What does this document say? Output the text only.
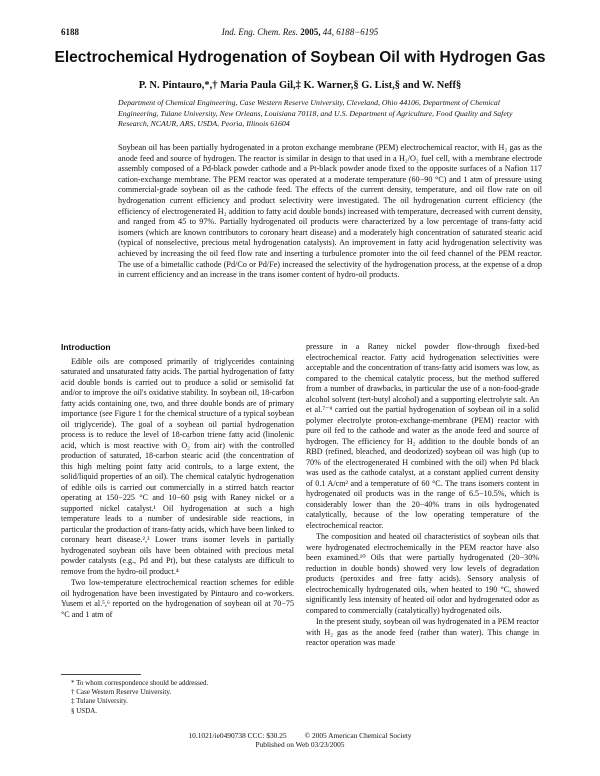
6188	Ind. Eng. Chem. Res. 2005, 44, 6188−6195
Electrochemical Hydrogenation of Soybean Oil with Hydrogen Gas
P. N. Pintauro,*,† Maria Paula Gil,‡ K. Warner,§ G. List,§ and W. Neff§
Department of Chemical Engineering, Case Western Reserve University, Cleveland, Ohio 44106, Department of Chemical Engineering, Tulane University, New Orleans, Louisiana 70118, and U.S. Department of Agriculture, Food Quality and Safety Research, NCAUR, ARS, USDA, Peoria, Illinois 61604
Soybean oil has been partially hydrogenated in a proton exchange membrane (PEM) electrochemical reactor, with H₂ gas as the anode feed and source of hydrogen. The reactor is similar in design to that used in a H₂/O₂ fuel cell, with a membrane electrode assembly composed of a Pd-black powder cathode and a Pt-black powder anode fixed to the opposite surfaces of a Nafion 117 cation-exchange membrane. The PEM reactor was operated at a moderate temperature (60−90 °C) and 1 atm of pressure using commercial-grade soybean oil as the cathode feed. The effects of the current density, temperature, and oil flow rate on oil hydrogenation current efficiency and product selectivity were investigated. The oil hydrogenation current efficiency (the efficiency of electrogenerated H₂ addition to fatty acid double bonds) increased with temperature, decreased with current density, and ranged from 45 to 97%. Partially hydrogenated oil products were characterized by a low percentage of trans-fatty acid isomers (which are known contributors to coronary heart disease) and a moderately high concentration of saturated stearic acid (typical of nonselective, precious metal hydrogenation catalysts). An improvement in fatty acid hydrogenation selectivity was achieved by increasing the oil feed flow rate and inserting a turbulence promoter into the oil feed channel of the PEM reactor. The use of a bimetallic cathode (Pd/Co or Pd/Fe) increased the selectivity of the hydrogenation process, at the expense of a drop in current efficiency and an increase in the trans isomer content of hydro-oil products.
Introduction

Edible oils are composed primarily of triglycerides containing saturated and unsaturated fatty acids. The partial hydrogenation of fatty acid double bonds is carried out to produce a solid or semisolid fat and/or to improve the oil's oxidative stability. In soybean oil, 18-carbon fatty acids containing one, two, and three double bonds are of primary importance (see Figure 1 for the chemical structure of a typical soybean oil triglyceride). The goal of a soybean oil partial hydrogenation process is to reduce the level of 18-carbon triene fatty acid (linolenic acid, which is most reactive with O₂ from air) with the controlled production of saturated, 18-carbon stearic acid (the concentration of this high melting point fatty acid controls, to a large extent, the solid/liquid properties of an oil). The chemical catalytic hydrogenation of edible oils is carried out commercially in a stirred batch reactor operating at 150−225 °C and 10−60 psig with Raney nickel or a supported nickel catalyst.¹ Oil hydrogenation at such a high temperature leads to a number of undesirable side reactions, in particular the production of trans-fatty acids, which have been linked to coronary heart disease.²,³ Lower trans isomer levels in partially hydrogenated soybean oils have been obtained with precious metal powder catalysts (e.g., Pd and Pt), but these catalysts are difficult to remove from the hydro-oil product.⁴

Two low-temperature electrochemical reaction schemes for edible oil hydrogenation have been investigated by Pintauro and co-workers. Yusem et al.⁵,⁶ reported on the hydrogenation of soybean oil at 70−75 °C and 1 atm of

pressure in a Raney nickel powder flow-through fixed-bed electrochemical reactor. Fatty acid hydrogenation selectivities were acceptable and the concentration of trans-fatty acid isomers was low, as compared to the chemical catalytic process, but the method suffered from a number of drawbacks, in particular the use of a non-food-grade alcohol solvent (tert-butyl alcohol) and a supporting electrolyte salt. An et al.⁷⁻⁹ carried out the partial hydrogenation of soybean oil in a solid polymer electrolyte proton-exchange-membrane (PEM) reactor with pure oil fed to the cathode and water as the anode feed and source of hydrogen. The efficiency for H₂ addition to the double bonds of an RBD (refined, bleached, and deodorized) soybean oil was high (up to 70% of the electrogenerated H combined with the oil) when Pd black was used as the cathode catalyst, at a constant applied current density of 0.1 A/cm² and a temperature of 60 °C. The trans isomers content in hydrogenated oil products was in the range of 6.5−10.5%, which is considerably lower than the 20−40% trans in oils hydrogenated catalytically, because of the low operating temperature of the electrochemical reactor.

The composition and heated oil characteristics of soybean oils that were hydrogenated electrochemically in the PEM reactor have also been examined.¹⁰ Oils that were partially hydrogenated (20−30% reduction in double bonds) showed very low levels of degradation products (peroxides and free fatty acids). Sensory analysis of electrochemically hydrogenated oils, when heated to 190 °C, showed significantly less intensity of heated oil odor and hydrogenated odor as compared to commercially (catalytically) hydrogenated oils.

In the present study, soybean oil was hydrogenated in a PEM reactor with H₂ gas as the anode feed (rather than water). This change in reactor operation was made

* To whom correspondence should be addressed.
† Case Western Reserve University.
‡ Tulane University.
§ USDA.
10.1021/ie0490738 CCC: $30.25 © 2005 American Chemical Society
Published on Web 03/23/2005
